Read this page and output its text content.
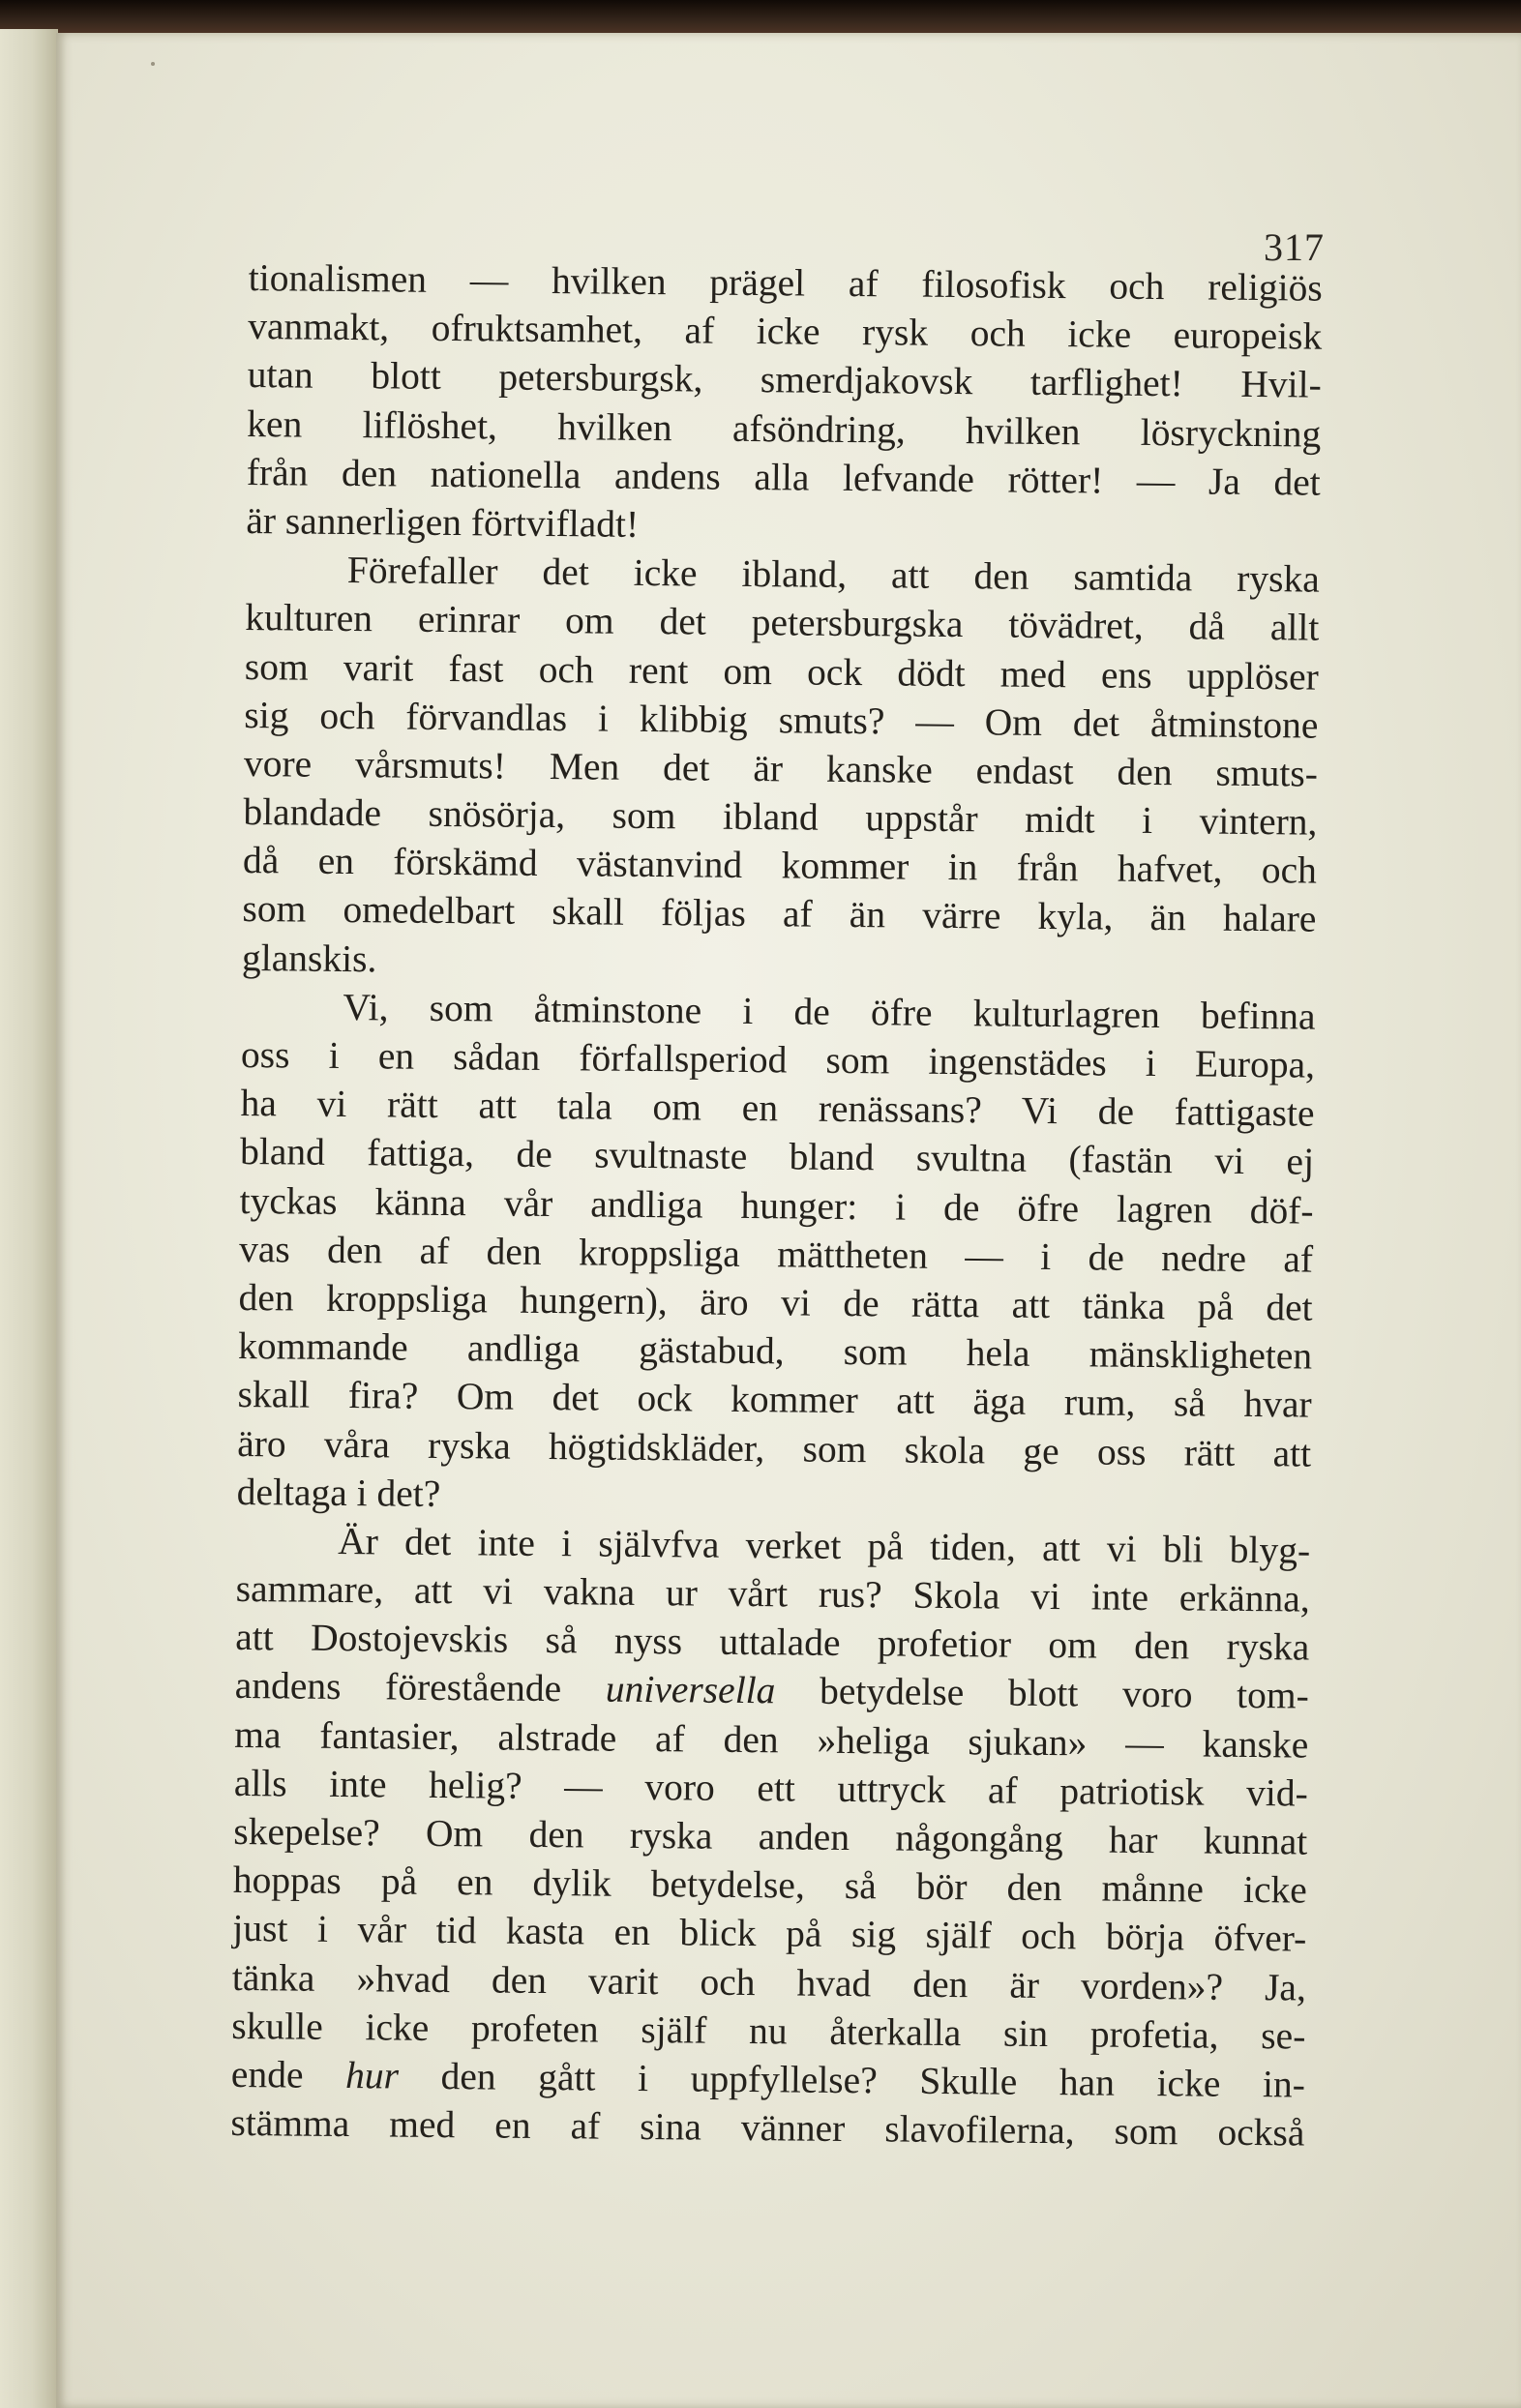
317
tionalismen — hvilken prägel af filosofisk och religiös
vanmakt, ofruktsamhet, af icke rysk och icke europeisk
utan blott petersburgsk, smerdjakovsk tarflighet! Hvil-
ken liflöshet, hvilken afsöndring, hvilken lösryckning
från den nationella andens alla lefvande rötter! — Ja det
är sannerligen förtvifladt!
Förefaller det icke ibland, att den samtida ryska
kulturen erinrar om det petersburgska tövädret, då allt
som varit fast och rent om ock dödt med ens upplöser
sig och förvandlas i klibbig smuts? — Om det åtminstone
vore vårsmuts! Men det är kanske endast den smuts-
blandade snösörja, som ibland uppstår midt i vintern,
då en förskämd västanvind kommer in från hafvet, och
som omedelbart skall följas af än värre kyla, än halare
glanskis.
Vi, som åtminstone i de öfre kulturlagren befinna
oss i en sådan förfallsperiod som ingenstädes i Europa,
ha vi rätt att tala om en renässans? Vi de fattigaste
bland fattiga, de svultnaste bland svultna (fastän vi ej
tyckas känna vår andliga hunger: i de öfre lagren döf-
vas den af den kroppsliga mättheten — i de nedre af
den kroppsliga hungern), äro vi de rätta att tänka på det
kommande andliga gästabud, som hela mänskligheten
skall fira? Om det ock kommer att äga rum, så hvar
äro våra ryska högtidskläder, som skola ge oss rätt att
deltaga i det?
Är det inte i självfva verket på tiden, att vi bli blyg-
sammare, att vi vakna ur vårt rus? Skola vi inte erkänna,
att Dostojevskis så nyss uttalade profetior om den ryska
andens förestående universella betydelse blott voro tom-
ma fantasier, alstrade af den »heliga sjukan» — kanske
alls inte helig? — voro ett uttryck af patriotisk vid-
skepelse? Om den ryska anden någongång har kunnat
hoppas på en dylik betydelse, så bör den månne icke
just i vår tid kasta en blick på sig själf och börja öfver-
tänka »hvad den varit och hvad den är vorden»? Ja,
skulle icke profeten själf nu återkalla sin profetia, se-
ende hur den gått i uppfyllelse? Skulle han icke in-
stämma med en af sina vänner slavofilerna, som också
